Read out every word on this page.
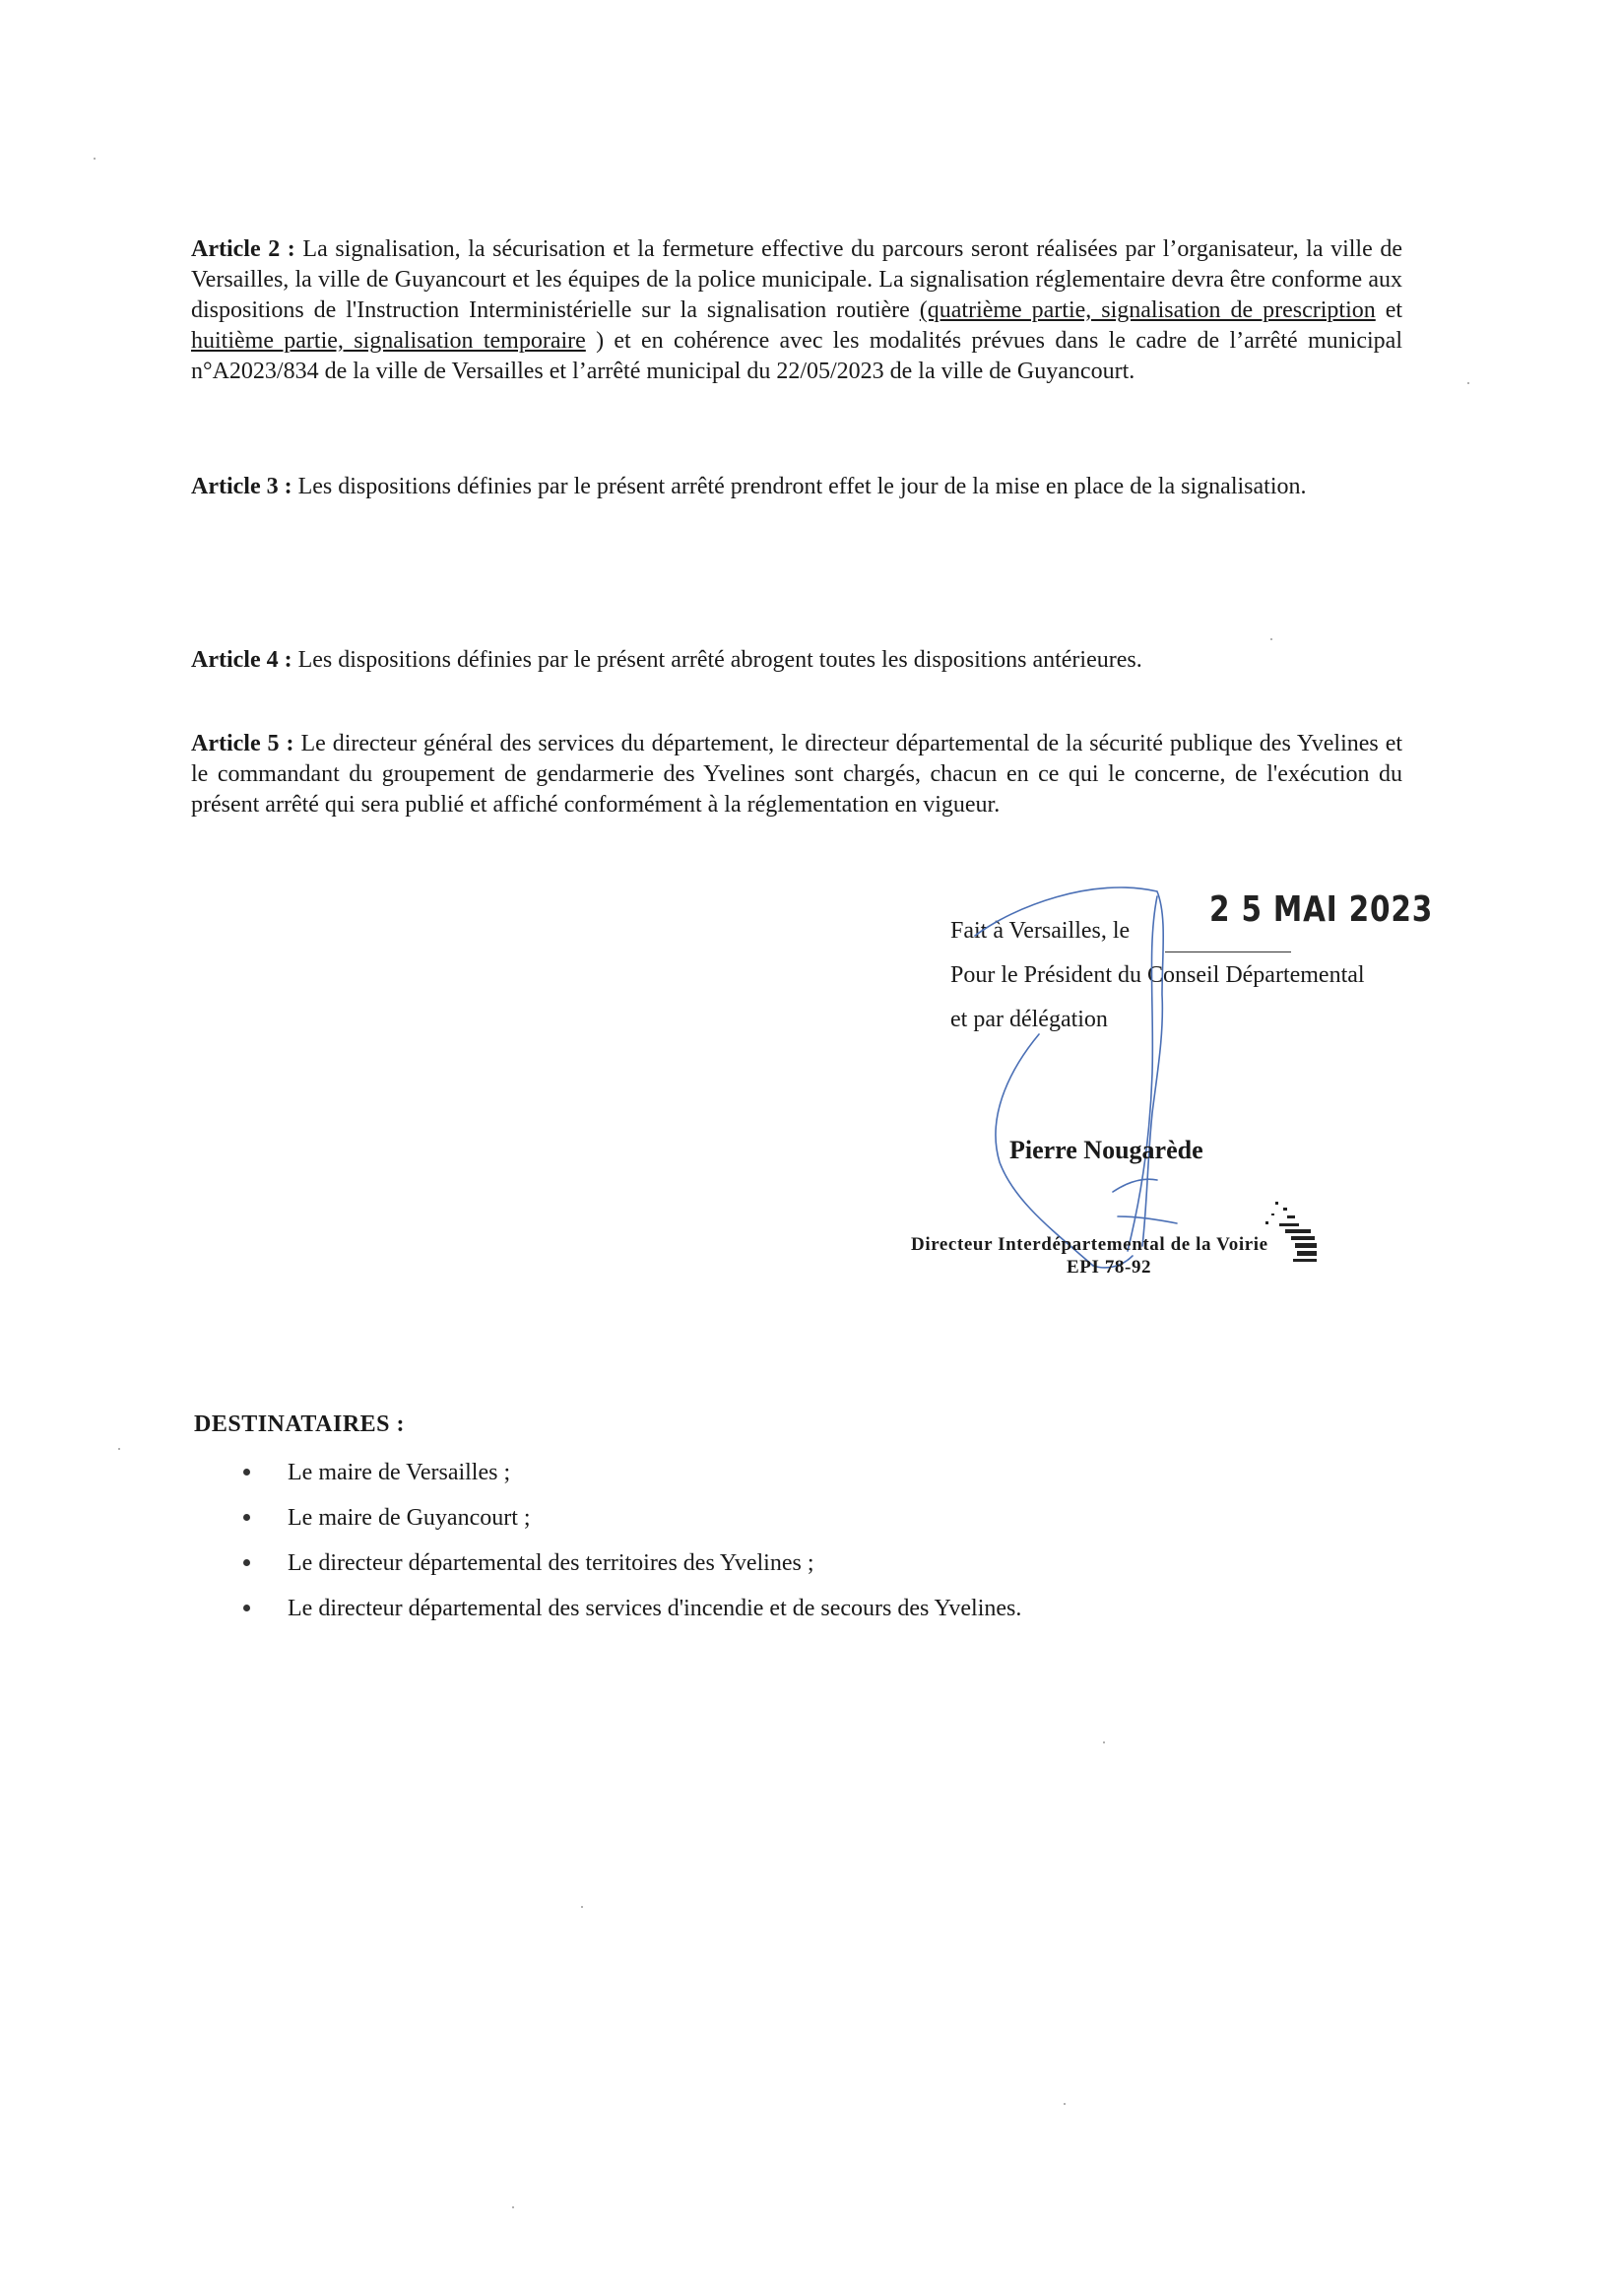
Article 2 : La signalisation, la sécurisation et la fermeture effective du parcours seront réalisées par l’organisateur, la ville de Versailles, la ville de Guyancourt et les équipes de la police municipale. La signalisation réglementaire devra être conforme aux dispositions de l'Instruction Interministérielle sur la signalisation routière (quatrième partie, signalisation de prescription et huitième partie, signalisation temporaire ) et en cohérence avec les modalités prévues dans le cadre de l’arrêté municipal n°A2023/834 de la ville de Versailles et l’arrêté municipal du 22/05/2023 de la ville de Guyancourt.

Article 3 : Les dispositions définies par le présent arrêté prendront effet le jour de la mise en place de la signalisation.

Article 4 : Les dispositions définies par le présent arrêté abrogent toutes les dispositions antérieures.

Article 5 : Le directeur général des services du département, le directeur départemental de la sécurité publique des Yvelines et le commandant du groupement de gendarmerie des Yvelines sont chargés, chacun en ce qui le concerne, de l'exécution du présent arrêté qui sera publié et affiché conformément à la réglementation en vigueur.

Fait à Versailles, le
2 5 MAI 2023
Pour le Président du Conseil Départemental
et par délégation
Pierre Nougarède
Directeur Interdépartemental de la Voirie
EPI 78-92
DESTINATAIRES :
Le maire de Versailles ;
Le maire de Guyancourt ;
Le directeur départemental des territoires des Yvelines ;
Le directeur départemental des services d'incendie et de secours des Yvelines.
